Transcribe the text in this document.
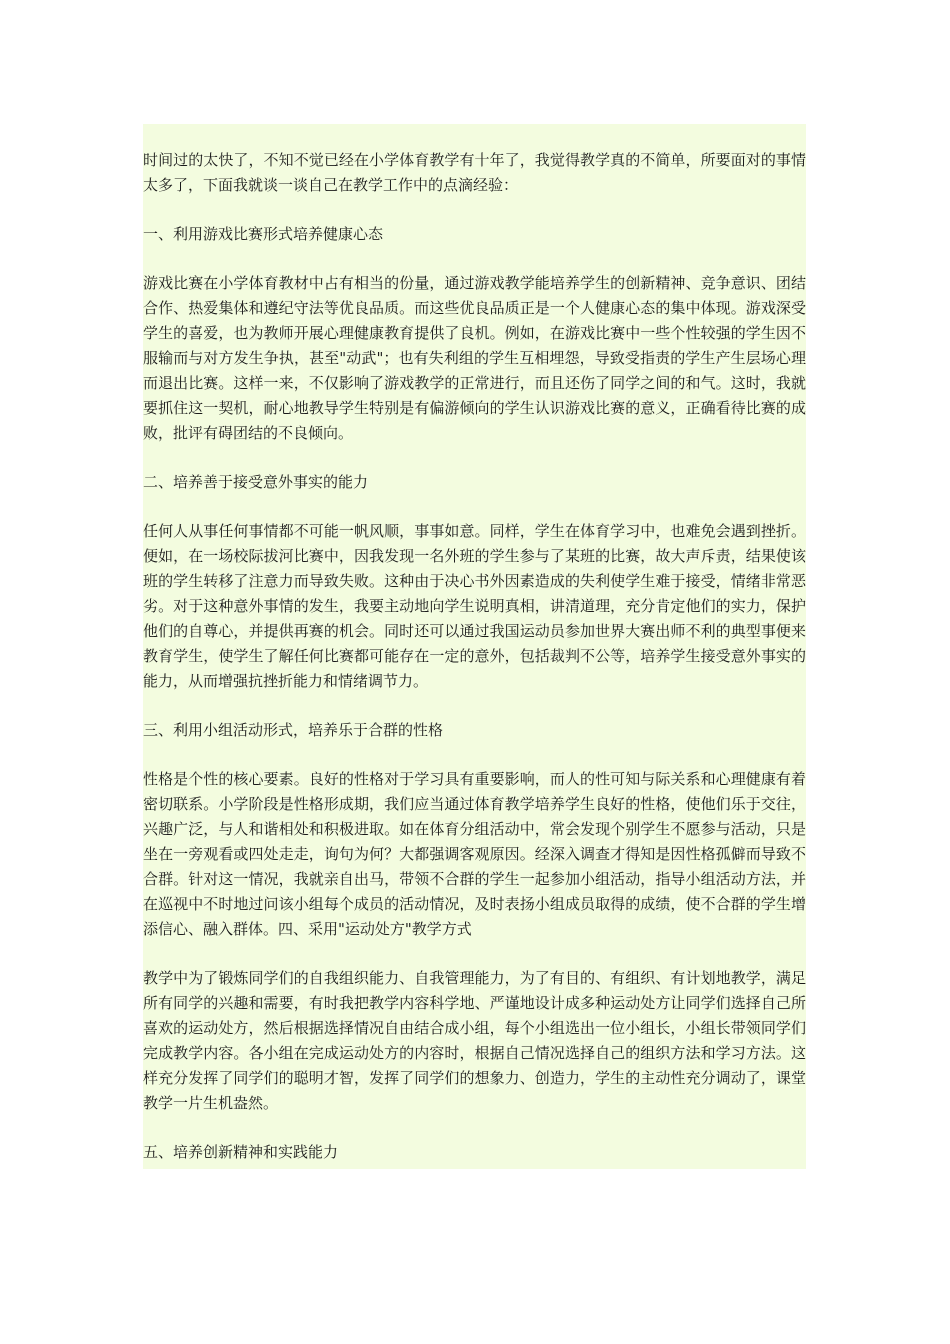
时间过的太快了，不知不觉已经在小学体育教学有十年了，我觉得教学真的不简单，所要面对的事情太多了，下面我就谈一谈自己在教学工作中的点滴经验：

一、利用游戏比赛形式培养健康心态

游戏比赛在小学体育教材中占有相当的份量，通过游戏教学能培养学生的创新精神、竞争意识、团结合作、热爱集体和遵纪守法等优良品质。而这些优良品质正是一个人健康心态的集中体现。游戏深受学生的喜爱，也为教师开展心理健康教育提供了良机。例如，在游戏比赛中一些个性较强的学生因不服输而与对方发生争执，甚至"动武"；也有失利组的学生互相埋怨，导致受指责的学生产生层场心理而退出比赛。这样一来，不仅影响了游戏教学的正常进行，而且还伤了同学之间的和气。这时，我就要抓住这一契机，耐心地教导学生特别是有偏游倾向的学生认识游戏比赛的意义，正确看待比赛的成败，批评有碍团结的不良倾向。

二、培养善于接受意外事实的能力

任何人从事任何事情都不可能一帆风顺，事事如意。同样，学生在体育学习中，也难免会遇到挫折。便如，在一场校际拔河比赛中，因我发现一名外班的学生参与了某班的比赛，故大声斥责，结果使该班的学生转移了注意力而导致失败。这种由于决心书外因素造成的失利使学生难于接受，情绪非常恶劣。对于这种意外事情的发生，我要主动地向学生说明真相，讲清道理，充分肯定他们的实力，保护他们的自尊心，并提供再赛的机会。同时还可以通过我国运动员参加世界大赛出师不利的典型事便来教育学生，使学生了解任何比赛都可能存在一定的意外，包括裁判不公等，培养学生接受意外事实的能力，从而增强抗挫折能力和情绪调节力。

三、利用小组活动形式，培养乐于合群的性格

性格是个性的核心要素。良好的性格对于学习具有重要影响，而人的性可知与际关系和心理健康有着密切联系。小学阶段是性格形成期，我们应当通过体育教学培养学生良好的性格，使他们乐于交往，兴趣广泛，与人和谐相处和积极进取。如在体育分组活动中，常会发现个别学生不愿参与活动，只是坐在一旁观看或四处走走，询句为何？大都强调客观原因。经深入调查才得知是因性格孤僻而导致不合群。针对这一情况，我就亲自出马，带领不合群的学生一起参加小组活动，指导小组活动方法，并在巡视中不时地过问该小组每个成员的活动情况，及时表扬小组成员取得的成绩，使不合群的学生增添信心、融入群体。四、采用"运动处方"教学方式

教学中为了锻炼同学们的自我组织能力、自我管理能力，为了有目的、有组织、有计划地教学，满足所有同学的兴趣和需要，有时我把教学内容科学地、严谨地设计成多种运动处方让同学们选择自己所喜欢的运动处方，然后根据选择情况自由结合成小组，每个小组选出一位小组长，小组长带领同学们完成教学内容。各小组在完成运动处方的内容时，根据自己情况选择自己的组织方法和学习方法。这样充分发挥了同学们的聪明才智，发挥了同学们的想象力、创造力，学生的主动性充分调动了，课堂教学一片生机盎然。

五、培养创新精神和实践能力
